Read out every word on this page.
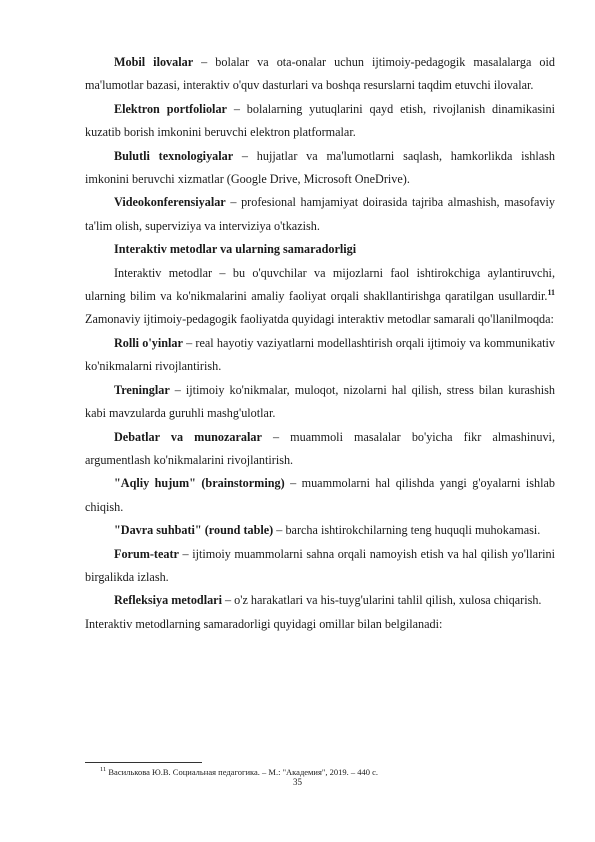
Mobil ilovalar – bolalar va ota-onalar uchun ijtimoiy-pedagogik masalalarga oid ma'lumotlar bazasi, interaktiv o'quv dasturlari va boshqa resurslarni taqdim etuvchi ilovalar.

Elektron portfoliolar – bolalarning yutuqlarini qayd etish, rivojlanish dinamikasini kuzatib borish imkonini beruvchi elektron platformalar.

Bulutli texnologiyalar – hujjatlar va ma'lumotlarni saqlash, hamkorlikda ishlash imkonini beruvchi xizmatlar (Google Drive, Microsoft OneDrive).

Videokonferensiyalar – profesional hamjamiyat doirasida tajriba almashish, masofaviy ta'lim olish, superviziya va interviziya o'tkazish.

Interaktiv metodlar va ularning samaradorligi

Interaktiv metodlar – bu o'quvchilar va mijozlarni faol ishtirokchiga aylantiruvchi, ularning bilim va ko'nikmalarini amaliy faoliyat orqali shakllantirishga qaratilgan usullardir.$^{11}$ Zamonaviy ijtimoiy-pedagogik faoliyatda quyidagi interaktiv metodlar samarali qo'llanilmoqda:

Rolli o'yinlar – real hayotiy vaziyatlarni modellashtirish orqali ijtimoiy va kommunikativ ko'nikmalarni rivojlantirish.

Treninglar – ijtimoiy ko'nikmalar, muloqot, nizolarni hal qilish, stress bilan kurashish kabi mavzularda guruhli mashg'ulotlar.

Debatlar va munozaralar – muammoli masalalar bo'yicha fikr almashinuvi, argumentlash ko'nikmalarini rivojlantirish.

"Aqliy hujum" (brainstorming) – muammolarni hal qilishda yangi g'oyalarni ishlab chiqish.

"Davra suhbati" (round table) – barcha ishtirokchilarning teng huquqli muhokamasi.

Forum-teatr – ijtimoiy muammolarni sahna orqali namoyish etish va hal qilish yo'llarini birgalikda izlash.

Refleksiya metodlari – o'z harakatlari va his-tuyg'ularini tahlil qilish, xulosa chiqarish.

Interaktiv metodlarning samaradorligi quyidagi omillar bilan belgilanadi:

$^{11}$ Василькова Ю.В. Социальная педагогика. – М.: "Академия", 2019. – 440 с.
35
